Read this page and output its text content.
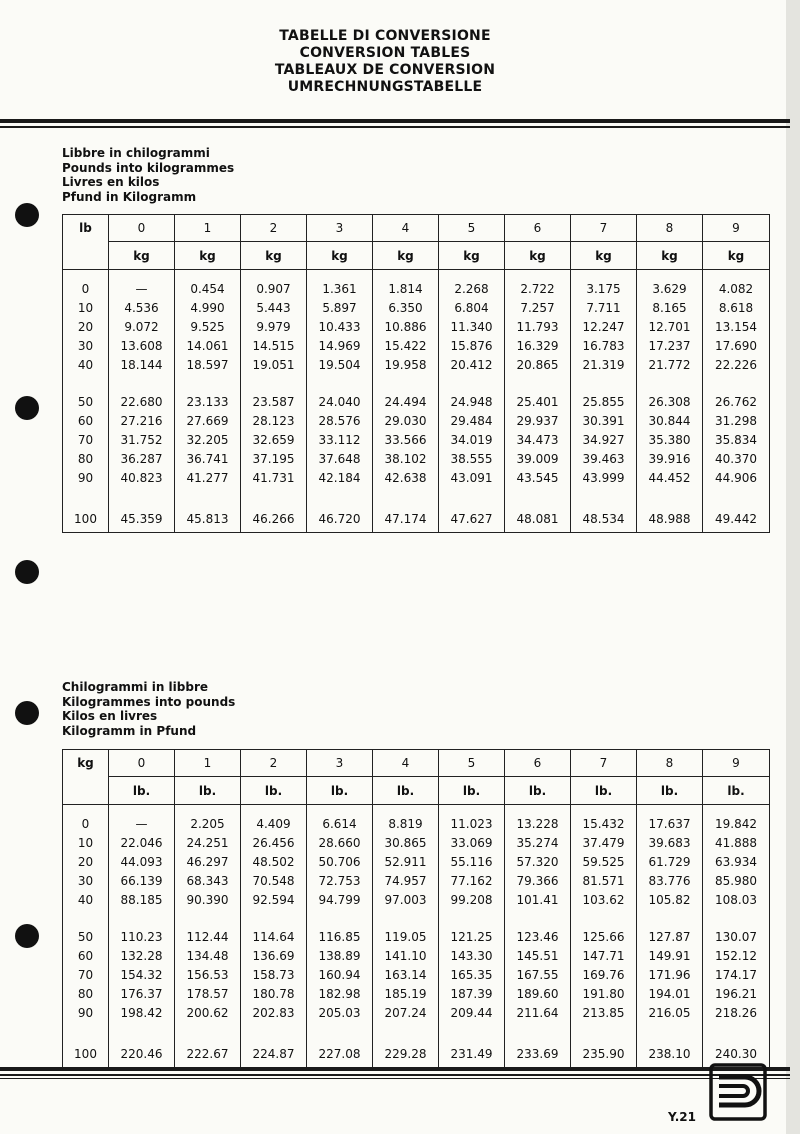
TABELLE DI CONVERSIONE
CONVERSION TABLES
TABLEAUX DE CONVERSION
UMRECHNUNGSTABELLE
Libbre in chilogrammi
Pounds into kilogrammes
Livres en kilos
Pfund in Kilogramm
lb	0	1	2	3	4	5	6	7	8	9
	kg	kg	kg	kg	kg	kg	kg	kg	kg	kg

0	—	0.454	0.907	1.361	1.814	2.268	2.722	3.175	3.629	4.082
10	4.536	4.990	5.443	5.897	6.350	6.804	7.257	7.711	8.165	8.618
20	9.072	9.525	9.979	10.433	10.886	11.340	11.793	12.247	12.701	13.154
30	13.608	14.061	14.515	14.969	15.422	15.876	16.329	16.783	17.237	17.690
40	18.144	18.597	19.051	19.504	19.958	20.412	20.865	21.319	21.772	22.226

50	22.680	23.133	23.587	24.040	24.494	24.948	25.401	25.855	26.308	26.762
60	27.216	27.669	28.123	28.576	29.030	29.484	29.937	30.391	30.844	31.298
70	31.752	32.205	32.659	33.112	33.566	34.019	34.473	34.927	35.380	35.834
80	36.287	36.741	37.195	37.648	38.102	38.555	39.009	39.463	39.916	40.370
90	40.823	41.277	41.731	42.184	42.638	43.091	43.545	43.999	44.452	44.906

100	45.359	45.813	46.266	46.720	47.174	47.627	48.081	48.534	48.988	49.442
Chilogrammi in libbre
Kilogrammes into pounds
Kilos en livres
Kilogramm in Pfund
kg	0	1	2	3	4	5	6	7	8	9
	lb.	lb.	lb.	lb.	lb.	lb.	lb.	lb.	lb.	lb.

0	—	2.205	4.409	6.614	8.819	11.023	13.228	15.432	17.637	19.842
10	22.046	24.251	26.456	28.660	30.865	33.069	35.274	37.479	39.683	41.888
20	44.093	46.297	48.502	50.706	52.911	55.116	57.320	59.525	61.729	63.934
30	66.139	68.343	70.548	72.753	74.957	77.162	79.366	81.571	83.776	85.980
40	88.185	90.390	92.594	94.799	97.003	99.208	101.41	103.62	105.82	108.03

50	110.23	112.44	114.64	116.85	119.05	121.25	123.46	125.66	127.87	130.07
60	132.28	134.48	136.69	138.89	141.10	143.30	145.51	147.71	149.91	152.12
70	154.32	156.53	158.73	160.94	163.14	165.35	167.55	169.76	171.96	174.17
80	176.37	178.57	180.78	182.98	185.19	187.39	189.60	191.80	194.01	196.21
90	198.42	200.62	202.83	205.03	207.24	209.44	211.64	213.85	216.05	218.26

100	220.46	222.67	224.87	227.08	229.28	231.49	233.69	235.90	238.10	240.30
Y.21
